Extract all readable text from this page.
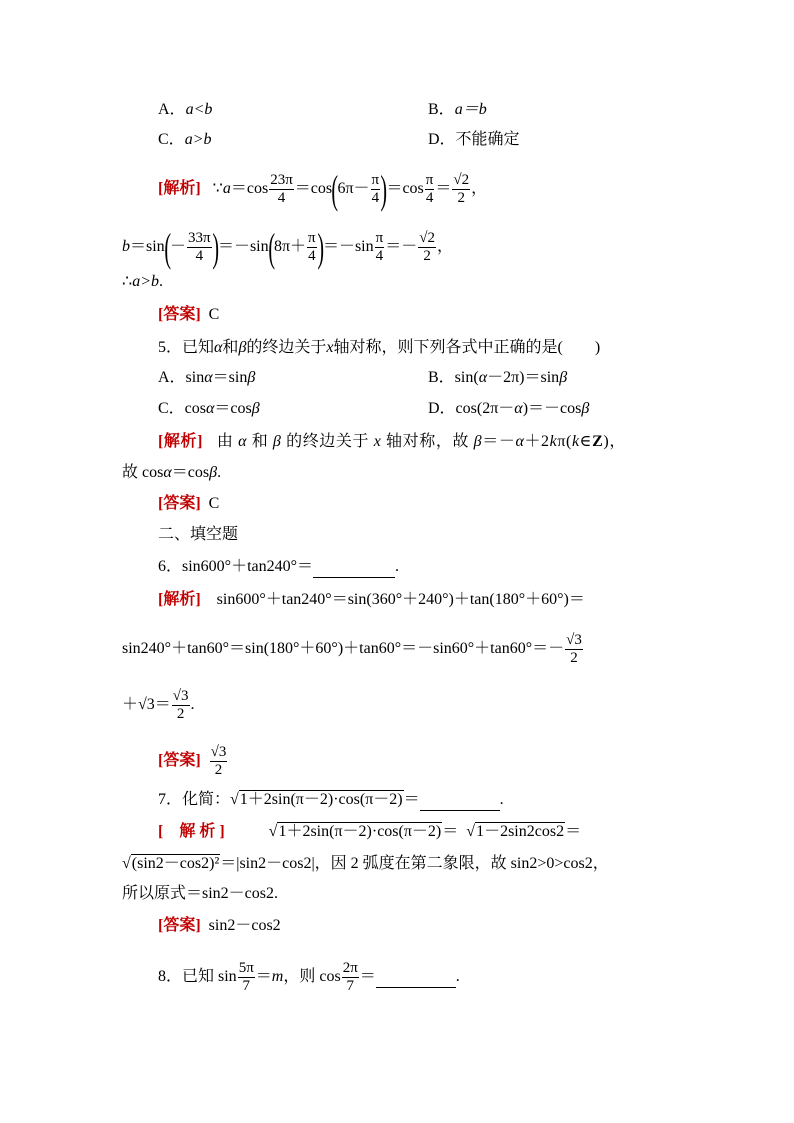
A．a<b	B．a＝b
C．a>b	D．不能确定
[解析] ∵a＝cos $\frac{23\pi}{4} =\cos(6\pi- \frac{\pi}{4} )=\cos \frac{\pi}{4} = \frac{√2}{2}$ ，
$b=\sin(- \frac{33\pi}{4} )=-\sin(8\pi+ \frac{\pi}{4} )=-\sin \frac{\pi}{4} =- \frac{√2}{2}$ ，
∴a>b.
[答案] C
5．已知α和β的终边关于x轴对称，则下列各式中正确的是(　　)
A．sinα＝sinβ	B．sin(α－2π)＝sinβ
C．cosα＝cosβ	D．cos(2π－α)＝－cosβ
[解析] 由 α 和 β 的终边关于 x 轴对称，故 β＝－α＋2kπ(k∈Z)，
故 cosα＝cosβ.
[答案] C
二、填空题
6．sin600°＋tan240°＝	.
[解析] sin600°＋tan240°＝sin(360°＋240°)＋tan(180°＋60°)＝
$\sin 240^\circ+\tan 60^\circ=\sin(180^\circ+60^\circ)+\tan 60^\circ=-\sin 60^\circ+\tan 60^\circ=- \frac{√3}{2}$
$+√3= \frac{√3}{2}$ .
[答案] $\frac{√3}{2}$
7．化简：√1＋2sin(π－2)·cos(π－2)＝	.
[　解 析 ]	√1＋2sin(π－2)·cos(π－2)＝ √1－2sin2cos2＝
√(sin2－cos2)²＝|sin2－cos2|，因 2 弧度在第二象限，故 sin2>0>cos2，
所以原式＝sin2－cos2.
[答案] sin2－cos2
8．已知 $\sin \frac{5\pi}{7} =m$，则 $\cos \frac{2\pi}{7}$ ＝	.
